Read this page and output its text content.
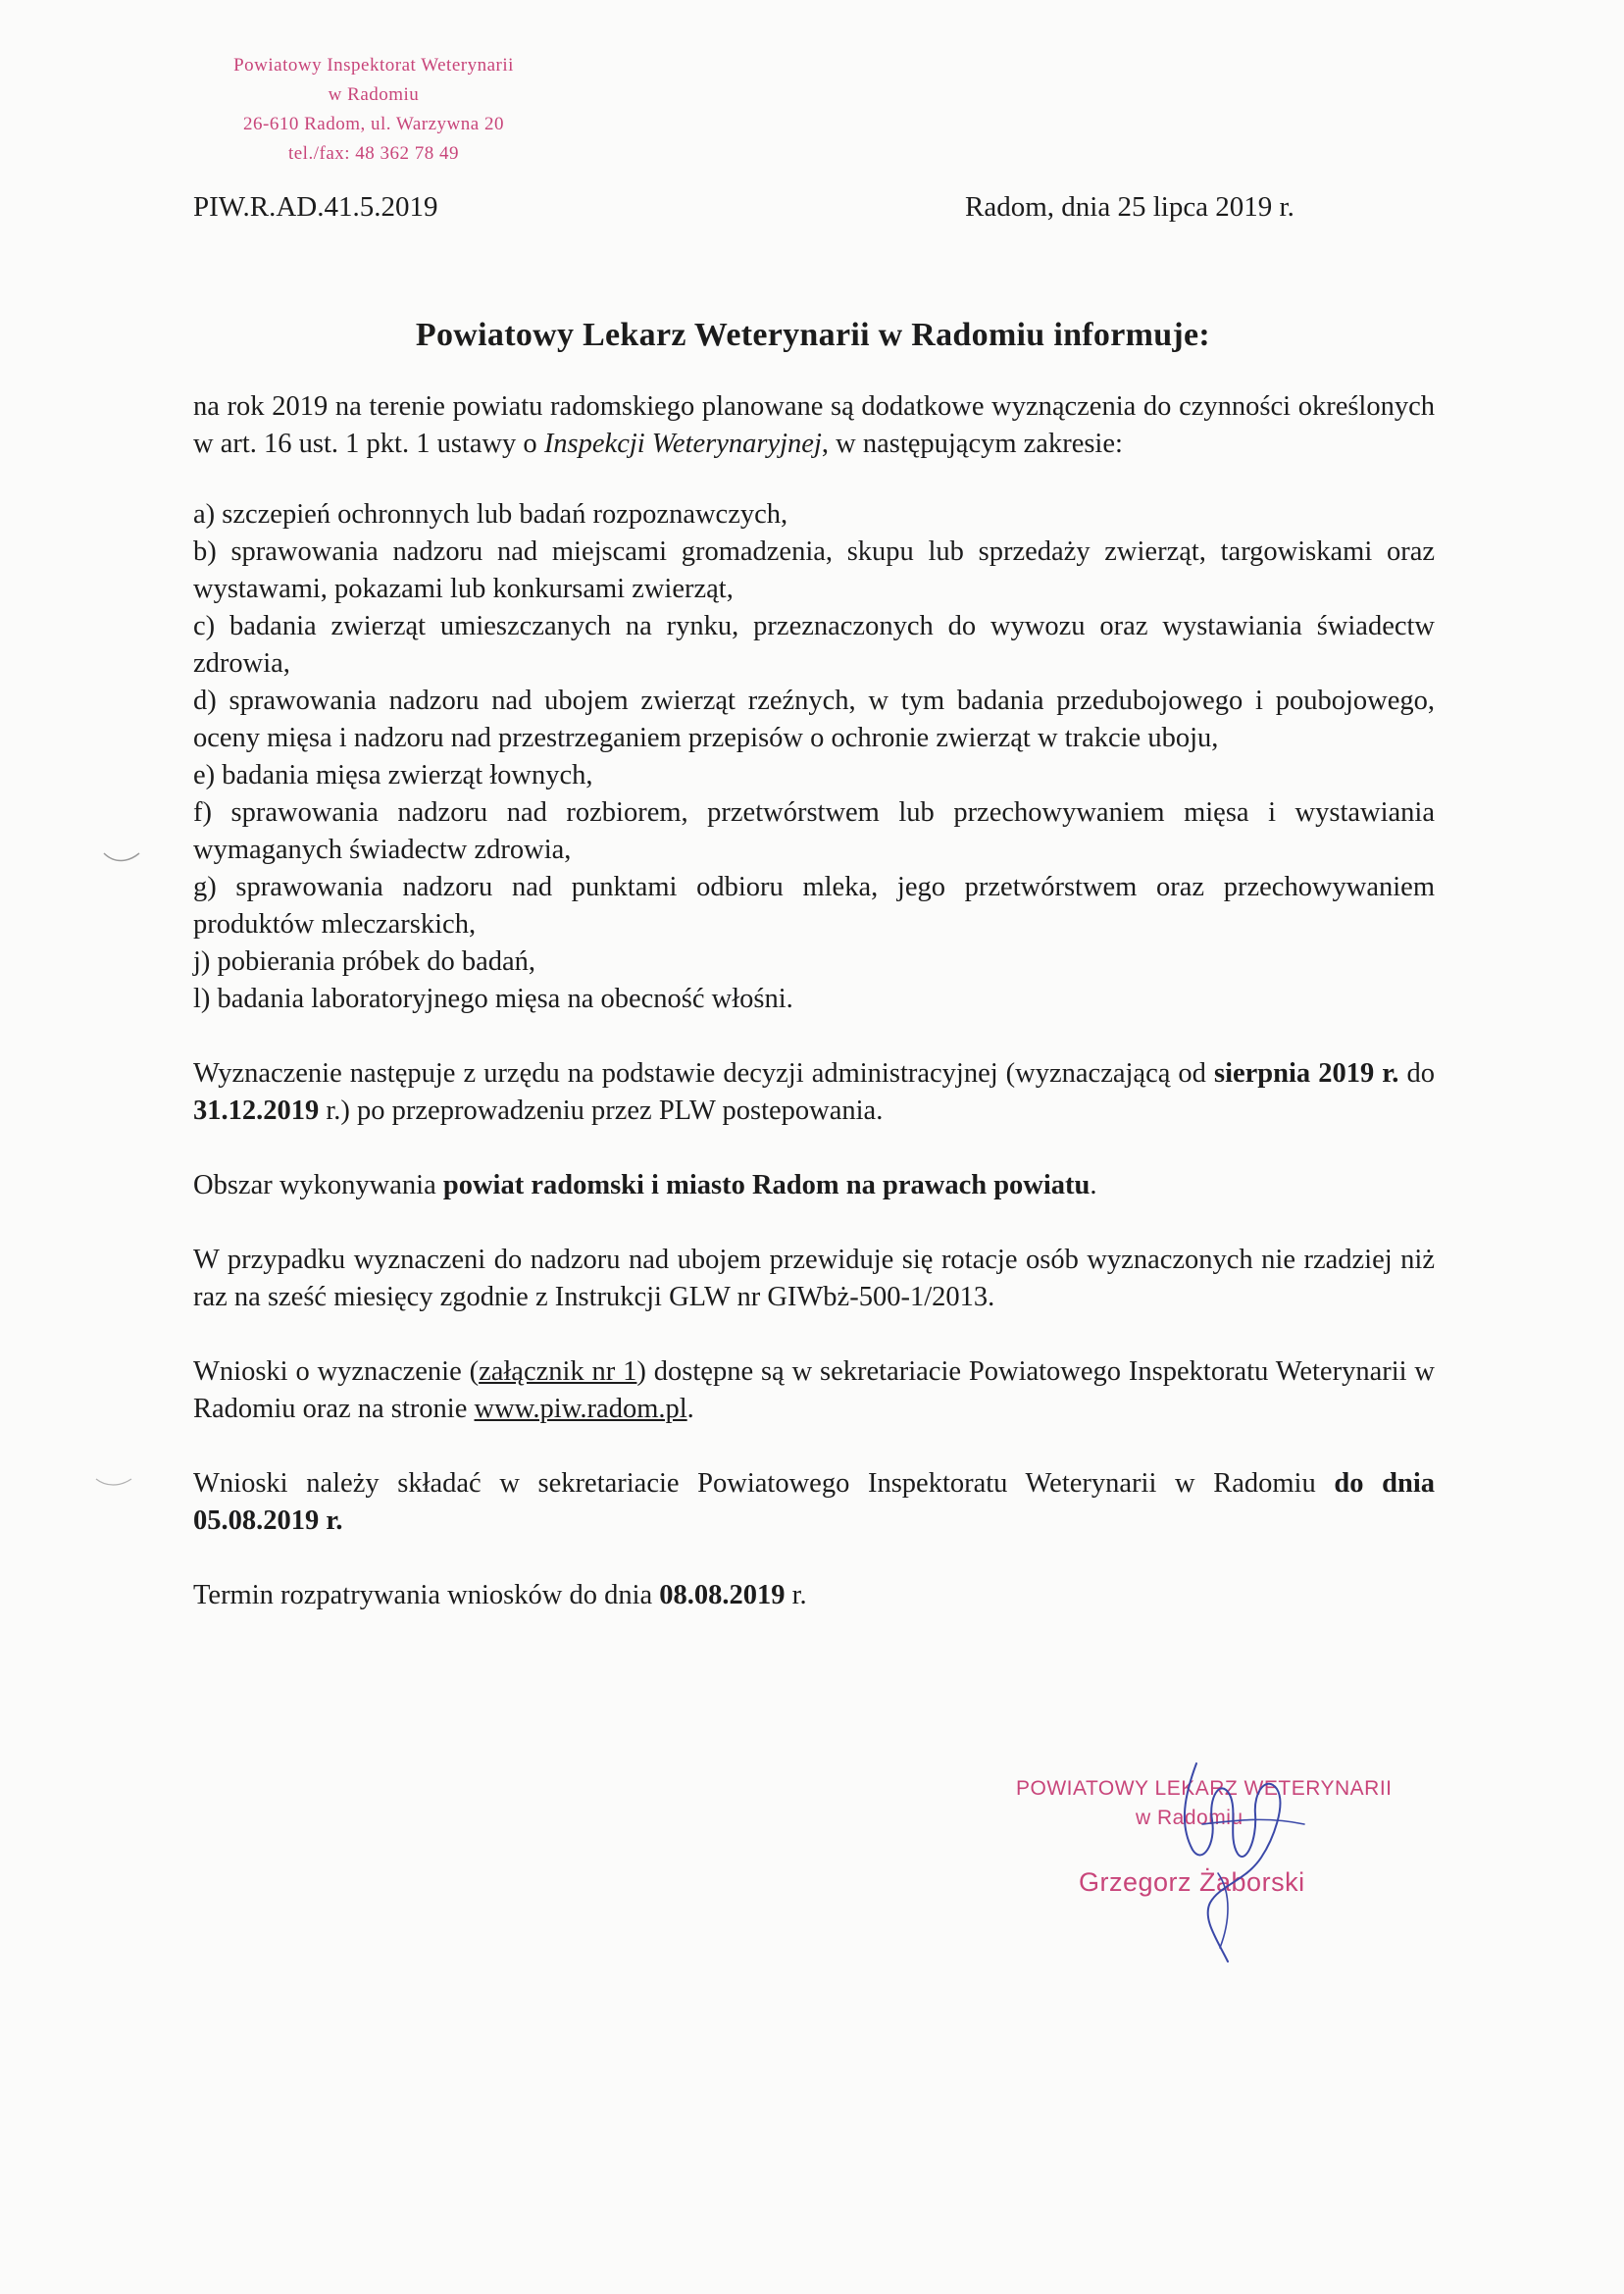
Powiatowy Inspektorat Weterynarii
w Radomiu
26-610 Radom, ul. Warzywna 20
tel./fax: 48 362 78 49
PIW.R.AD.41.5.2019	Radom, dnia 25 lipca 2019 r.
Powiatowy Lekarz Weterynarii w Radomiu informuje:

na rok 2019 na terenie powiatu radomskiego planowane są dodatkowe wyznączenia do czynności określonych w art. 16 ust. 1 pkt. 1 ustawy o Inspekcji Weterynaryjnej, w następującym zakresie:

a) szczepień ochronnych lub badań rozpoznawczych,

b) sprawowania nadzoru nad miejscami gromadzenia, skupu lub sprzedaży zwierząt, targowiskami oraz wystawami, pokazami lub konkursami zwierząt,

c) badania zwierząt umieszczanych na rynku, przeznaczonych do wywozu oraz wystawiania świadectw zdrowia,

d) sprawowania nadzoru nad ubojem zwierząt rzeźnych, w tym badania przedubojowego i poubojowego, oceny mięsa i nadzoru nad przestrzeganiem przepisów o ochronie zwierząt w trakcie uboju,

e) badania mięsa zwierząt łownych,

f) sprawowania nadzoru nad rozbiorem, przetwórstwem lub przechowywaniem mięsa i wystawiania wymaganych świadectw zdrowia,

g) sprawowania nadzoru nad punktami odbioru mleka, jego przetwórstwem oraz przechowywaniem produktów mleczarskich,

j) pobierania próbek do badań,

l) badania laboratoryjnego mięsa na obecność włośni.

Wyznaczenie następuje z urzędu na podstawie decyzji administracyjnej (wyznaczającą od sierpnia 2019 r. do 31.12.2019 r.) po przeprowadzeniu przez PLW postepowania.

Obszar wykonywania powiat radomski i miasto Radom na prawach powiatu.

W przypadku wyznaczeni do nadzoru nad ubojem przewiduje się rotacje osób wyznaczonych nie rzadziej niż raz na sześć miesięcy zgodnie z Instrukcji GLW nr GIWbż-500-1/2013.

Wnioski o wyznaczenie (załącznik nr 1) dostępne są w sekretariacie Powiatowego Inspektoratu Weterynarii w Radomiu oraz na stronie www.piw.radom.pl.

Wnioski należy składać w sekretariacie Powiatowego Inspektoratu Weterynarii w Radomiu do dnia 05.08.2019 r.

Termin rozpatrywania wniosków do dnia 08.08.2019 r.

POWIATOWY LEKARZ WETERYNARII
w Radomiu
Grzegorz Żaborski
